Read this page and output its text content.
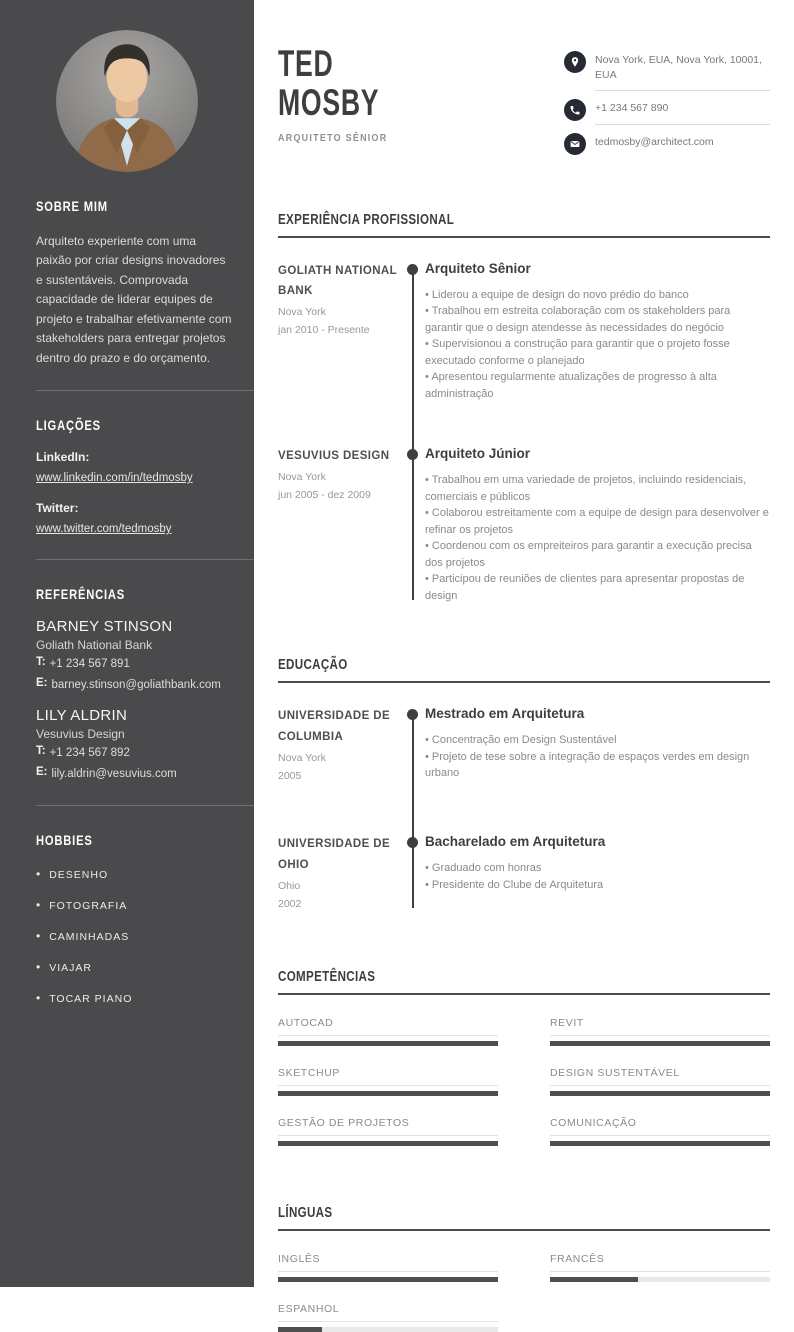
SOBRE MIM

Arquiteto experiente com uma paixão por criar designs inovadores e sustentáveis. Comprovada capacidade de liderar equipes de projeto e trabalhar efetivamente com stakeholders para entregar projetos dentro do prazo e do orçamento.

LIGAÇÕES
LinkedIn:
www.linkedin.com/in/tedmosby
Twitter:
www.twitter.com/tedmosby
REFERÊNCIAS
BARNEY STINSON
Goliath National Bank
T: +1 234 567 891
E: barney.stinson@goliathbank.com
LILY ALDRIN
Vesuvius Design
T: +1 234 567 892
E: lily.aldrin@vesuvius.com
HOBBIES
• DESENHO
• FOTOGRAFIA
• CAMINHADAS
• VIAJAR
• TOCAR PIANO
TED
MOSBY
ARQUITETO SÊNIOR
Nova York, EUA, Nova York, 10001, EUA
+1 234 567 890
tedmosby@architect.com
EXPERIÊNCIA PROFISSIONAL
GOLIATH NATIONAL BANK
Nova York
jan 2010 - Presente
Arquiteto Sênior
• Liderou a equipe de design do novo prédio do banco
• Trabalhou em estreita colaboração com os stakeholders para garantir que o design atendesse às necessidades do negócio
• Supervisionou a construção para garantir que o projeto fosse executado conforme o planejado
• Apresentou regularmente atualizações de progresso à alta administração
VESUVIUS DESIGN
Nova York
jun 2005 - dez 2009
Arquiteto Júnior
• Trabalhou em uma variedade de projetos, incluindo residenciais, comerciais e públicos
• Colaborou estreitamente com a equipe de design para desenvolver e refinar os projetos
• Coordenou com os empreiteiros para garantir a execução precisa dos projetos
• Participou de reuniões de clientes para apresentar propostas de design
EDUCAÇÃO
UNIVERSIDADE DE COLUMBIA
Nova York
2005
Mestrado em Arquitetura
• Concentração em Design Sustentável
• Projeto de tese sobre a integração de espaços verdes em design urbano
UNIVERSIDADE DE OHIO
Ohio
2002
Bacharelado em Arquitetura
• Graduado com honras
• Presidente do Clube de Arquitetura
COMPETÊNCIAS
AUTOCAD	REVIT
SKETCHUP	DESIGN SUSTENTÁVEL
GESTÃO DE PROJETOS	COMUNICAÇÃO
LÍNGUAS
INGLÊS	FRANCÊS
ESPANHOL
